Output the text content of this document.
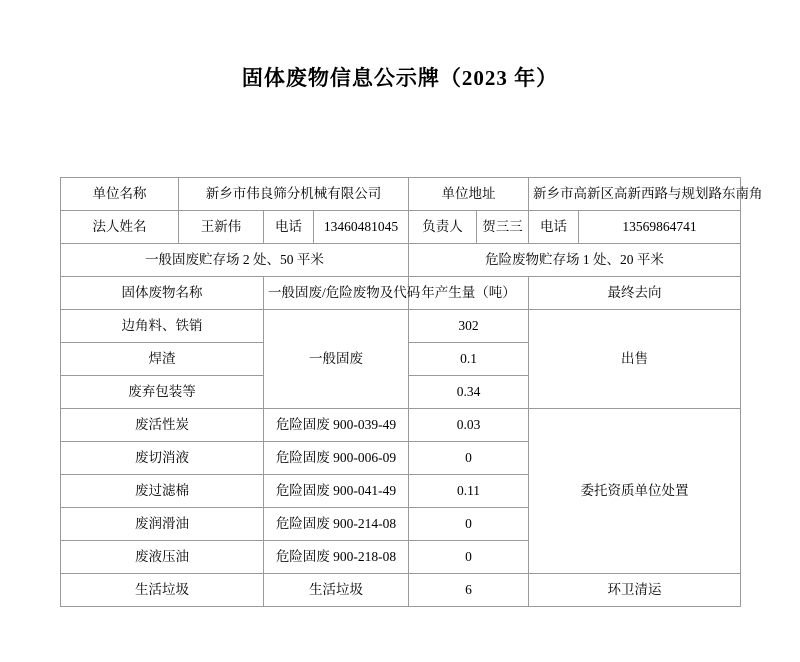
固体废物信息公示牌（2023 年）
单位名称	新乡市伟良筛分机械有限公司			单位地址		新乡市高新区高新西路与规划路东南角	
法人姓名	王新伟	电话	13460481045	负责人	贺三三	电话	13569864741
一般固废贮存场 2 处、50 平米				危险废物贮存场 1 处、20 平米			
固体废物名称		一般固废/危险废物及代码		年产生量（吨）		最终去向	
边角料、铁销		一般固废		302		出售	
焊渣				0.1			
废弃包装等				0.34			
废活性炭		危险固废 900-039-49		0.03		委托资质单位处置	
废切消液		危险固废 900-006-09		0			
废过滤棉		危险固废 900-041-49		0.11			
废润滑油		危险固废 900-214-08		0			
废液压油		危险固废 900-218-08		0			
生活垃圾		生活垃圾		6		环卫清运	
